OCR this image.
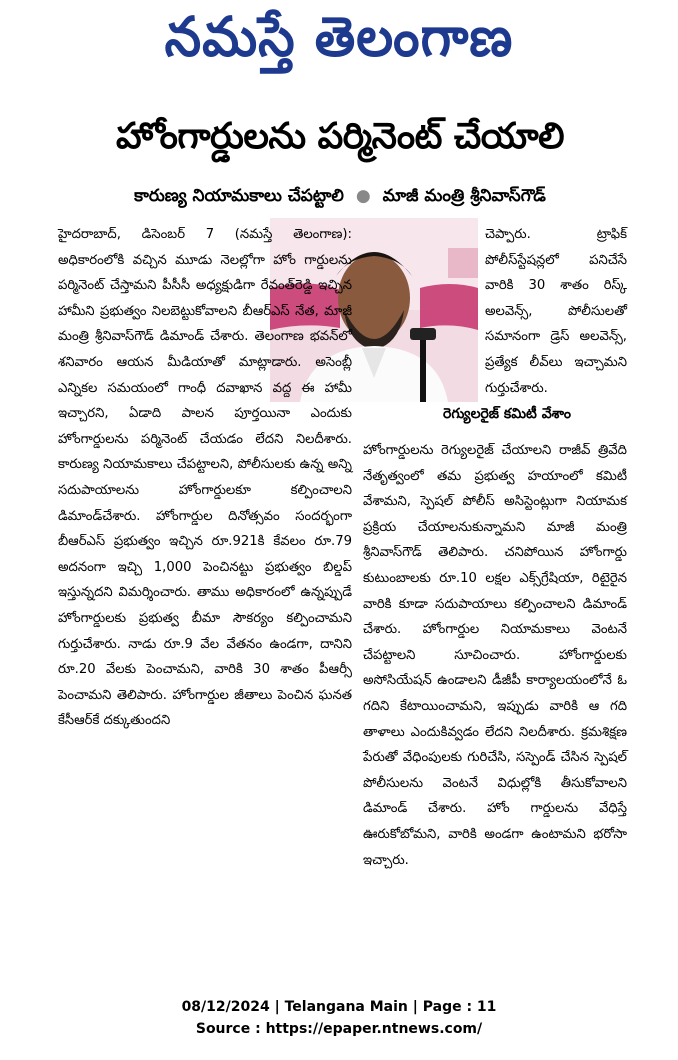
నమస్తే తెలంగాణ
హోంగార్డులను పర్మినెంట్ చేయాలి
కారుణ్య నియామకాలు చేపట్టాలి ● మాజీ మంత్రి శ్రీనివాస్‌గౌడ్

హైదరాబాద్, డిసెంబర్ 7 (నమస్తే తెలంగాణ): అధికారంలోకి వచ్చిన మూడు నెలల్లోగా హోం గార్డులను పర్మినెంట్ చేస్తామని పీసీసీ అధ్యక్షుడిగా రేవంత్‌రెడ్డి ఇచ్చిన హామీని ప్రభుత్వం నిలబెట్టుకోవాలని బీఆర్‌ఎస్ నేత, మాజీ మంత్రి శ్రీనివాస్‌గౌడ్ డిమాండ్ చేశారు. తెలంగాణ భవన్‌లో శనివారం ఆయన మీడియాతో మాట్లాడారు. అసెంబ్లీ ఎన్నికల సమయంలో గాంధీ దవాఖాన వద్ద ఈ హామీ ఇచ్చారని, ఏడాది పాలన పూర్తయినా ఎందుకు హోంగార్డులను పర్మినెంట్ చేయడం లేదని నిలదీశారు. కారుణ్య నియామకాలు చేపట్టాలని, పోలీసులకు ఉన్న అన్ని సదుపాయాలను హోంగార్డులకూ కల్పించాలని డిమాండ్‌చేశారు. హోంగార్డుల దినోత్సవం సందర్భంగా బీఆర్‌ఎస్ ప్రభుత్వం ఇచ్చిన రూ.921కి కేవలం రూ.79 అదనంగా ఇచ్చి 1,000 పెంచినట్టు ప్రభుత్వం బిల్డప్ ఇస్తున్నదని విమర్శించారు. తాము అధికారంలో ఉన్నప్పుడే హోంగార్డులకు ప్రభుత్వ బీమా సౌకర్యం కల్పించామని గుర్తుచేశారు. నాడు రూ.9 వేల వేతనం ఉండగా, దానిని రూ.20 వేలకు పెంచామని, వారికి 30 శాతం పీఆర్సీ పెంచామని తెలిపారు. హోంగార్డుల జీతాలు పెంచిన ఘనత కేసీఆర్‌కే దక్కుతుందని

చెప్పారు. ట్రాఫిక్ పోలీస్‌స్టేషన్లలో పనిచేసే వారికి 30 శాతం రిస్క్ అలవెన్స్, పోలీసులతో సమానంగా డ్రెస్ అలవెన్స్, ప్రత్యేక లీవ్‌లు ఇచ్చామని గుర్తుచేశారు.

రెగ్యులరైజ్ కమిటీ వేశాం

హోంగార్డులను రెగ్యులరైజ్ చేయాలని రాజీవ్ త్రివేది నేతృత్వంలో తమ ప్రభుత్వ హయాంలో కమిటీ వేశామని, స్పెషల్ పోలీస్ అసిస్టెంట్లుగా నియామక ప్రక్రియ చేయాలనుకున్నామని మాజీ మంత్రి శ్రీనివాస్‌గౌడ్ తెలిపారు. చనిపోయిన హోంగార్డు కుటుంబాలకు రూ.10 లక్షల ఎక్స్‌గ్రేషియా, రిటైరైన వారికి కూడా సదుపాయాలు కల్పించాలని డిమాండ్ చేశారు. హోంగార్డుల నియామకాలు వెంటనే చేపట్టాలని సూచించారు. హోంగార్డులకు అసోసియేషన్ ఉండాలని డీజీపీ కార్యాలయంలోనే ఓ గదిని కేటాయించామని, ఇప్పుడు వారికి ఆ గది తాళాలు ఎందుకివ్వడం లేదని నిలదీశారు. క్రమశిక్షణ పేరుతో వేధింపులకు గురిచేసి, సస్పెండ్ చేసిన స్పెషల్ పోలీసులను వెంటనే విధుల్లోకి తీసుకోవాలని డిమాండ్ చేశారు. హోం గార్డులను వేధిస్తే ఊరుకోబోమని, వారికి అండగా ఉంటామని భరోసా ఇచ్చారు.

08/12/2024 | Telangana Main | Page : 11
Source : https://epaper.ntnews.com/
